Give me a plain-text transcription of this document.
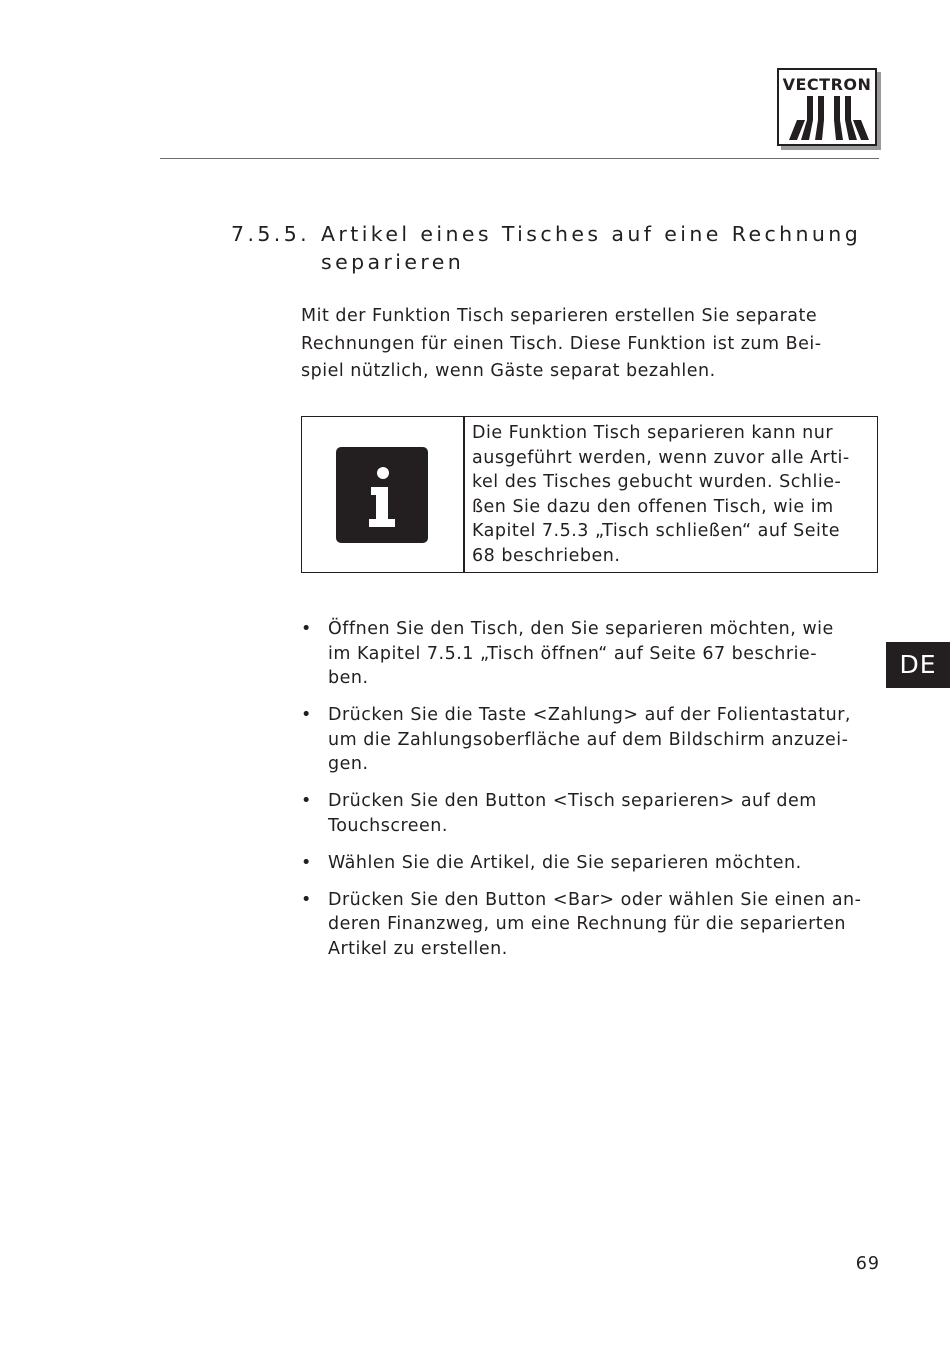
VECTRON
7.5.5. Artikel eines Tisches auf eine Rechnung
separieren
Mit der Funktion Tisch separieren erstellen Sie separate
Rechnungen für einen Tisch. Diese Funktion ist zum Bei-
spiel nützlich, wenn Gäste separat bezahlen.
Die Funktion Tisch separieren kann nur
ausgeführt werden, wenn zuvor alle Arti-
kel des Tisches gebucht wurden. Schlie-
ßen Sie dazu den offenen Tisch, wie im
Kapitel 7.5.3 „Tisch schließen“ auf Seite
68 beschrieben.
• Öffnen Sie den Tisch, den Sie separieren möchten, wie
im Kapitel 7.5.1 „Tisch öffnen“ auf Seite 67 beschrie-
ben.
• Drücken Sie die Taste <Zahlung> auf der Folientastatur,
um die Zahlungsoberfläche auf dem Bildschirm anzuzei-
gen.
• Drücken Sie den Button <Tisch separieren> auf dem
Touchscreen.
• Wählen Sie die Artikel, die Sie separieren möchten.
• Drücken Sie den Button <Bar> oder wählen Sie einen an-
deren Finanzweg, um eine Rechnung für die separierten
Artikel zu erstellen.
DE
69
